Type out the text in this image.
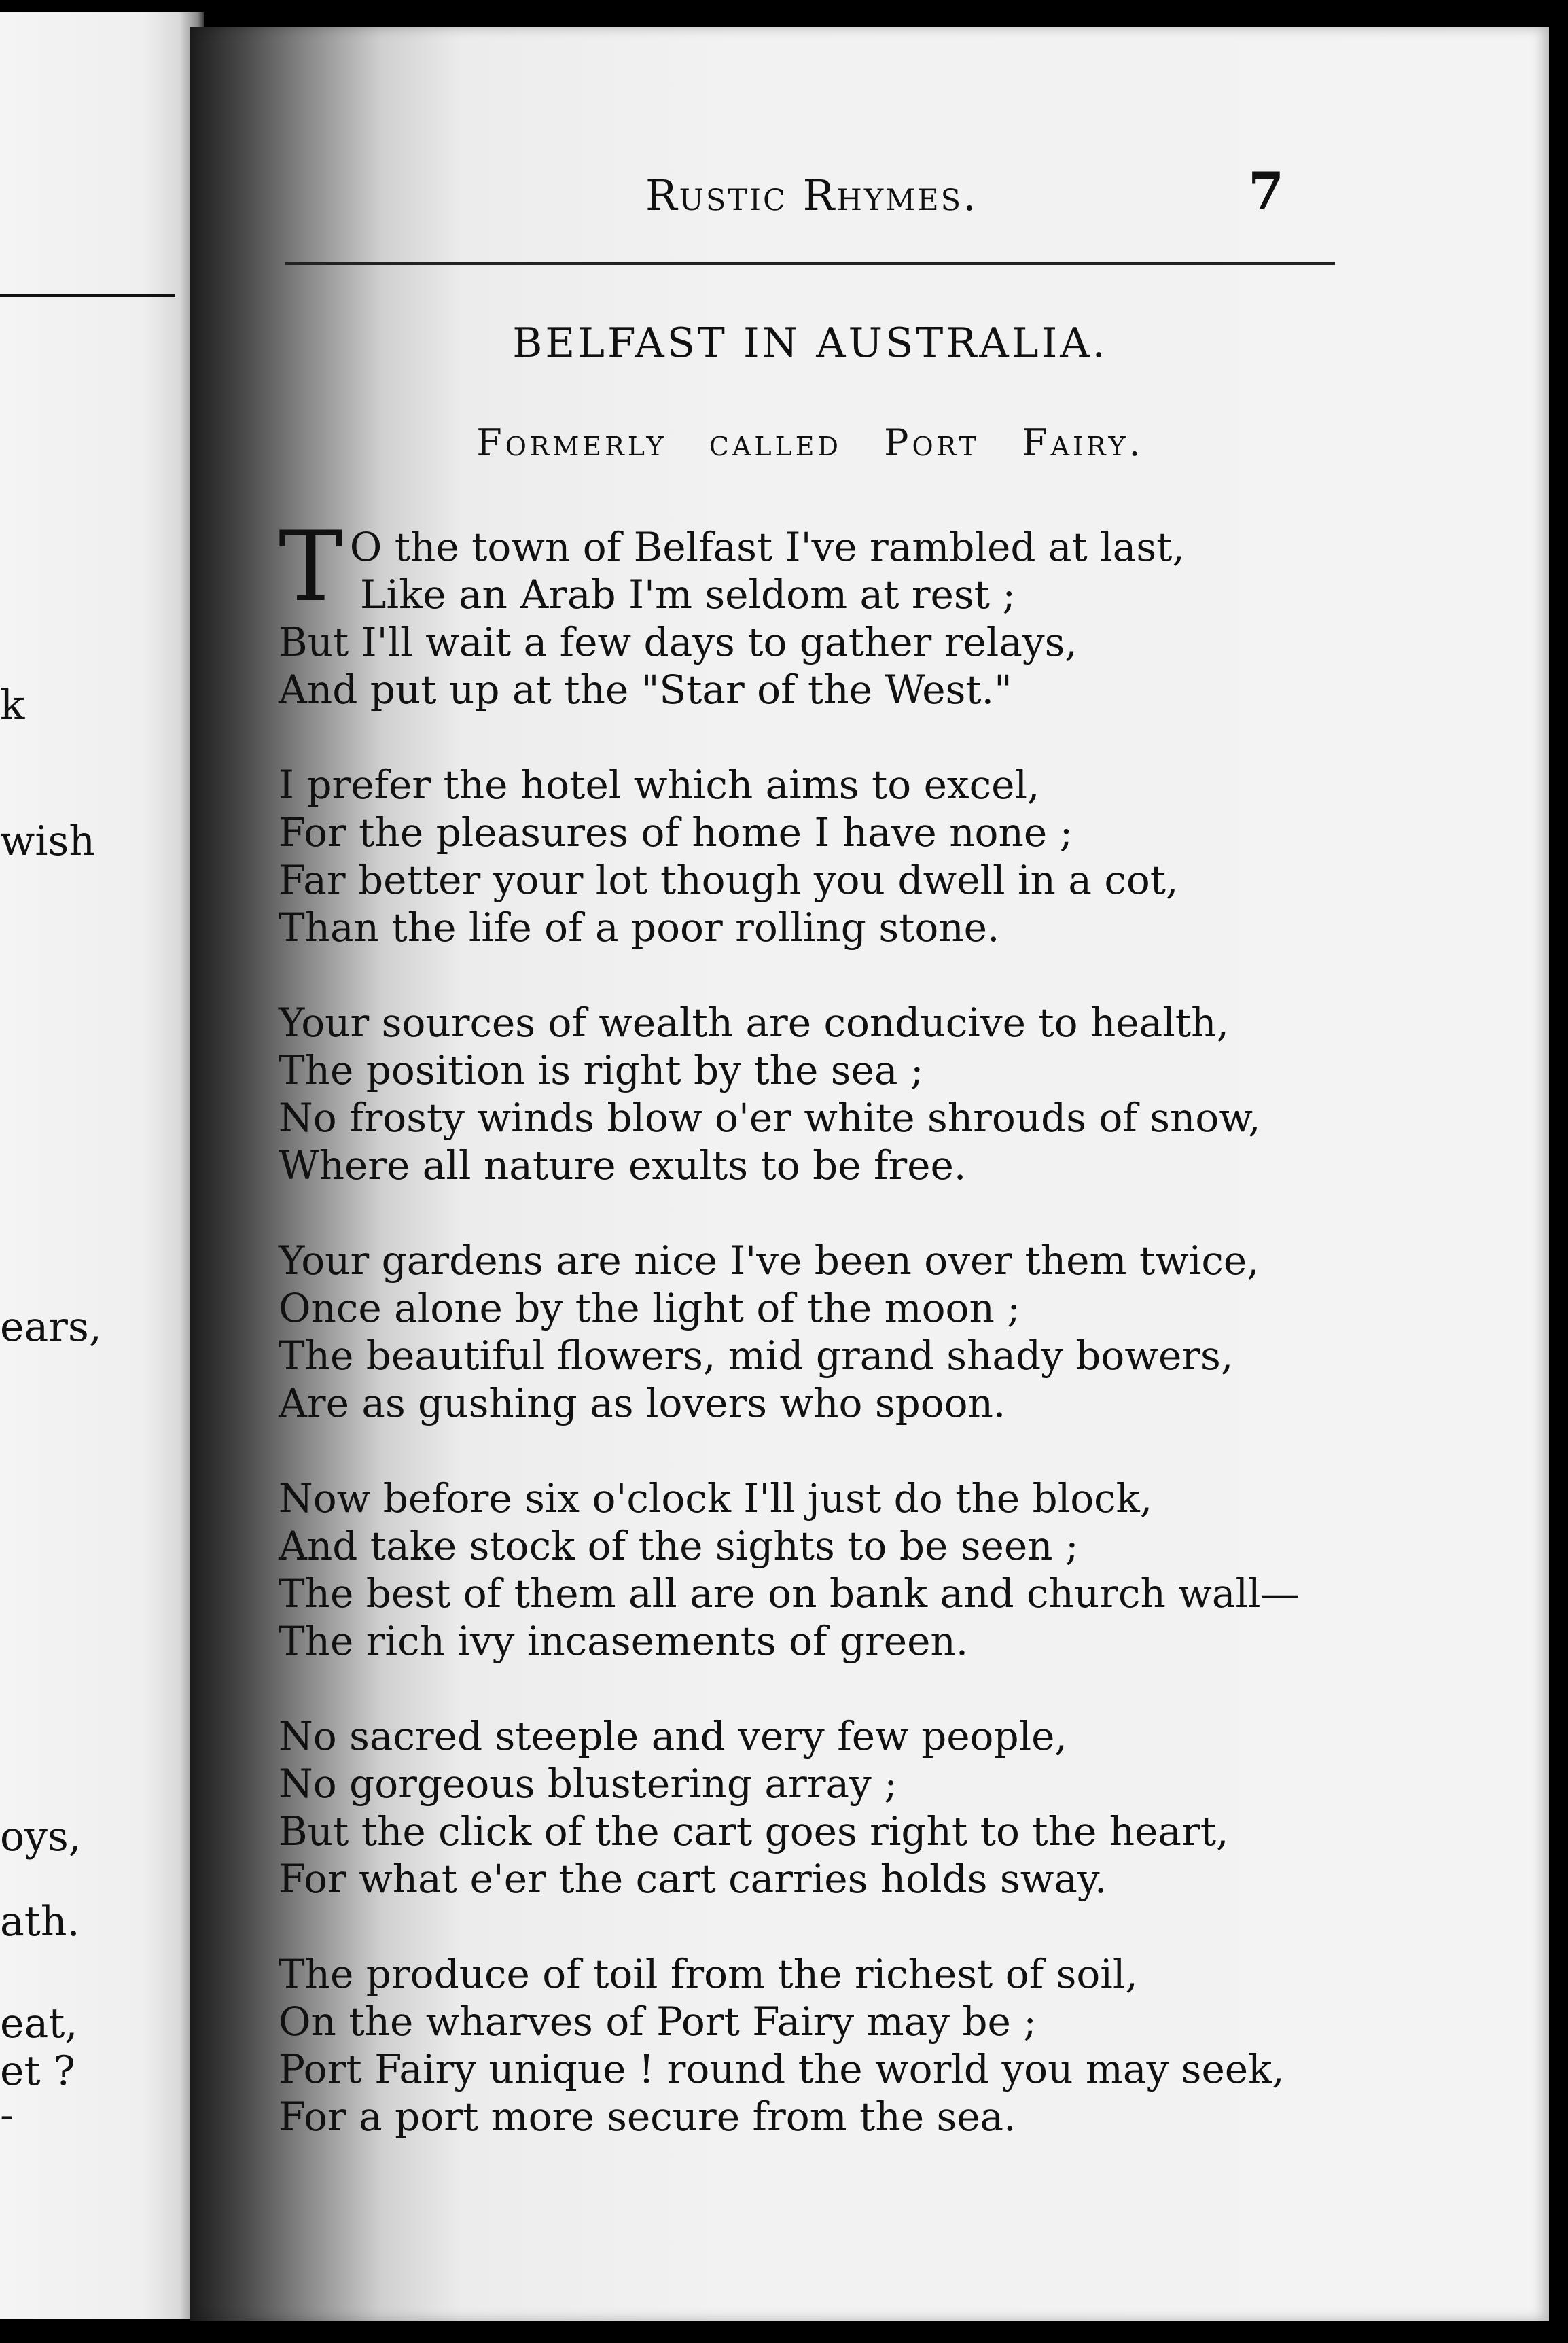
k
wish
ears,
oys,
ath.
eat,
et ?
-
Rustic Rhymes.	7
BELFAST IN AUSTRALIA.
Formerly called Port Fairy.
T O the town of Belfast I've rambled at last,
Like an Arab I'm seldom at rest ;
But I'll wait a few days to gather relays,
And put up at the "Star of the West."
I prefer the hotel which aims to excel,
For the pleasures of home I have none ;
Far better your lot though you dwell in a cot,
Than the life of a poor rolling stone.
Your sources of wealth are conducive to health,
The position is right by the sea ;
No frosty winds blow o'er white shrouds of snow,
Where all nature exults to be free.
Your gardens are nice I've been over them twice,
Once alone by the light of the moon ;
The beautiful flowers, mid grand shady bowers,
Are as gushing as lovers who spoon.
Now before six o'clock I'll just do the block,
And take stock of the sights to be seen ;
The best of them all are on bank and church wall—
The rich ivy incasements of green.
No sacred steeple and very few people,
No gorgeous blustering array ;
But the click of the cart goes right to the heart,
For what e'er the cart carries holds sway.
The produce of toil from the richest of soil,
On the wharves of Port Fairy may be ;
Port Fairy unique ! round the world you may seek,
For a port more secure from the sea.
